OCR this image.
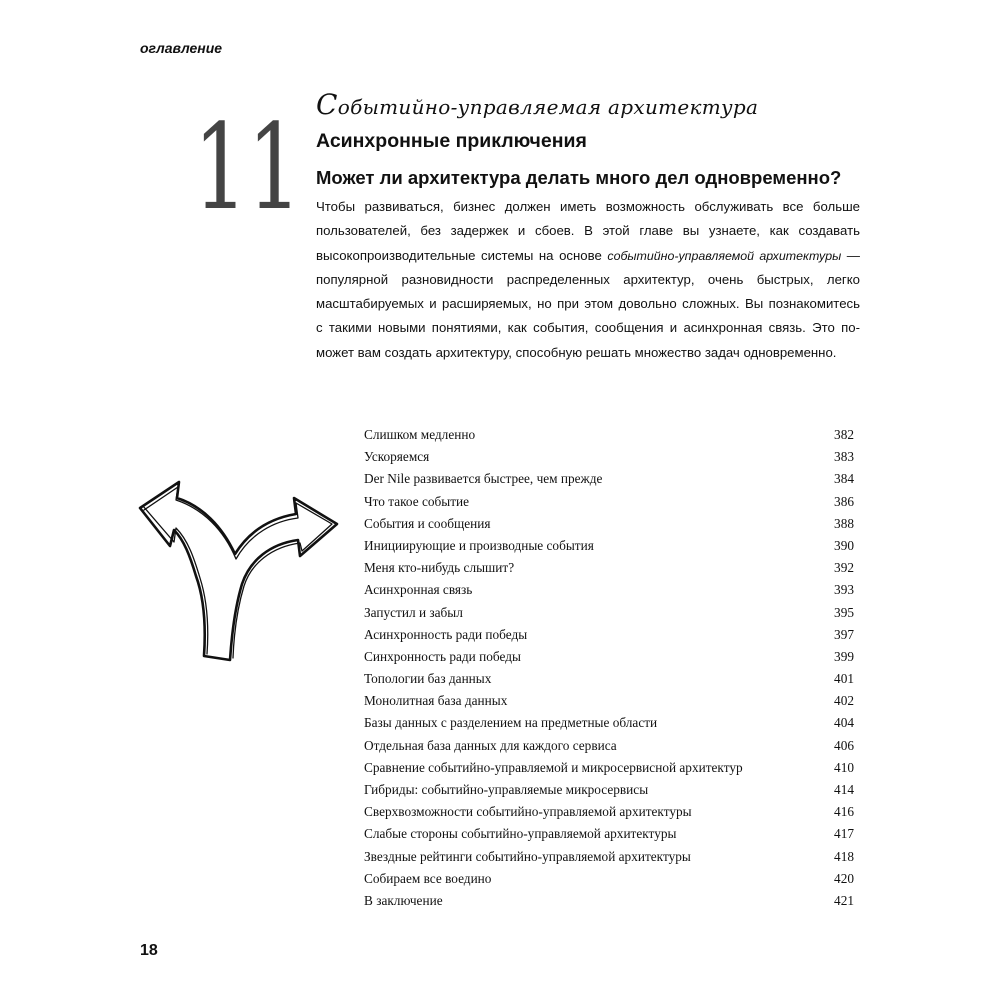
оглавление
11 Событийно-управляемая архитектура
Асинхронные приключения
Может ли архитектура делать много дел одновременно?
Чтобы развиваться, бизнес должен иметь возможность обслуживать все больше
пользователей, без задержек и сбоев. В этой главе вы узнаете, как создавать
высокопроизводительные системы на основе событийно-управляемой архитектуры —
популярной разновидности распределенных архитектур, очень быстрых, легко
масштабируемых и расширяемых, но при этом довольно сложных. Вы познакомитесь
с такими новыми понятиями, как события, сообщения и асинхронная связь. Это по-
может вам создать архитектуру, способную решать множество задач одновременно.
Слишком медленно	382
Ускоряемся	383
Der Nile развивается быстрее, чем прежде	384
Что такое событие	386
События и сообщения	388
Инициирующие и производные события	390
Меня кто-нибудь слышит?	392
Асинхронная связь	393
Запустил и забыл	395
Асинхронность ради победы	397
Синхронность ради победы	399
Топологии баз данных	401
Монолитная база данных	402
Базы данных с разделением на предметные области	404
Отдельная база данных для каждого сервиса	406
Сравнение событийно-управляемой и микросервисной архитектур	410
Гибриды: событийно-управляемые микросервисы	414
Сверхвозможности событийно-управляемой архитектуры	416
Слабые стороны событийно-управляемой архитектуры	417
Звездные рейтинги событийно-управляемой архитектуры	418
Собираем все воедино	420
В заключение	421
18
